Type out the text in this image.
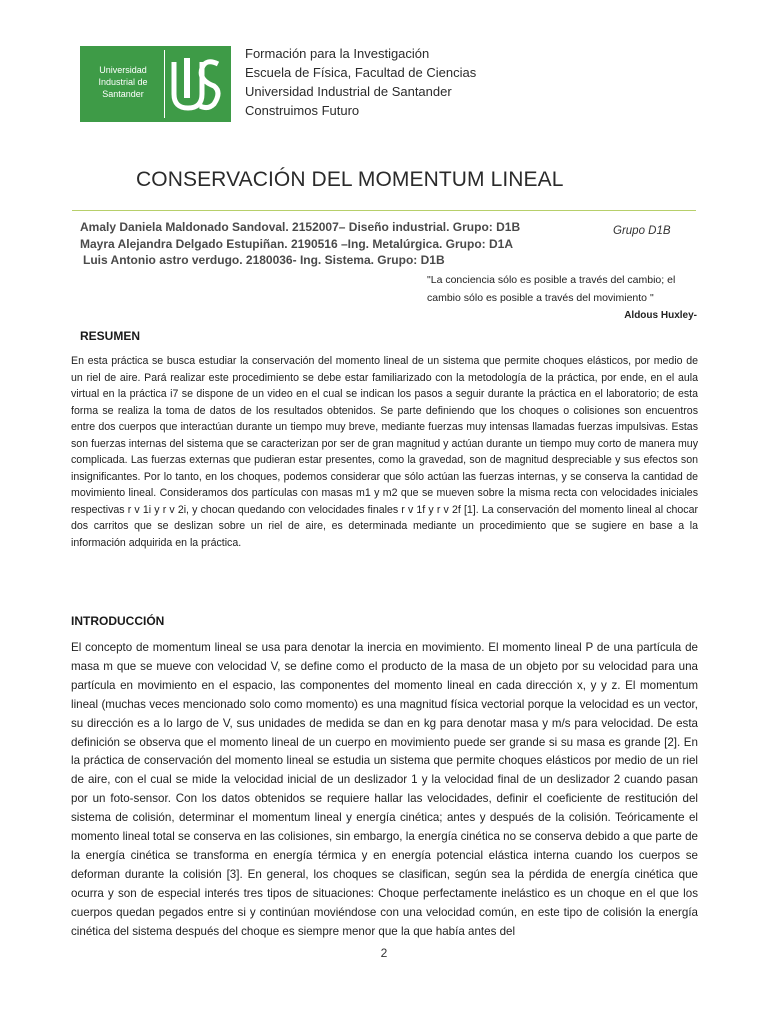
Universidad
Industrial de
Santander
Formación para la Investigación
Escuela de Física, Facultad de Ciencias
Universidad Industrial de Santander
Construimos Futuro
CONSERVACIÓN DEL MOMENTUM LINEAL
Amaly Daniela Maldonado Sandoval. 2152007– Diseño industrial. Grupo: D1B
Mayra Alejandra Delgado Estupiñan. 2190516 –Ing. Metalúrgica. Grupo: D1A
Luis Antonio astro verdugo. 2180036- Ing. Sistema. Grupo: D1B
Grupo D1B
"La conciencia sólo es posible a través del cambio; el cambio sólo es posible a través del movimiento "
Aldous Huxley-
RESUMEN
En esta práctica se busca estudiar la conservación del momento lineal de un sistema que permite choques elásticos, por medio de un riel de aire. Pará realizar este procedimiento se debe estar familiarizado con la metodología de la práctica, por ende, en el aula virtual en la práctica i7 se dispone de un video en el cual se indican los pasos a seguir durante la práctica en el laboratorio; de esta forma se realiza la toma de datos de los resultados obtenidos. Se parte definiendo que los choques o colisiones son encuentros entre dos cuerpos que interactúan durante un tiempo muy breve, mediante fuerzas muy intensas llamadas fuerzas impulsivas. Estas son fuerzas internas del sistema que se caracterizan por ser de gran magnitud y actúan durante un tiempo muy corto de manera muy complicada. Las fuerzas externas que pudieran estar presentes, como la gravedad, son de magnitud despreciable y sus efectos son insignificantes. Por lo tanto, en los choques, podemos considerar que sólo actúan las fuerzas internas, y se conserva la cantidad de movimiento lineal. Consideramos dos partículas con masas m1 y m2 que se mueven sobre la misma recta con velocidades iniciales respectivas r v 1i y r v 2i, y chocan quedando con velocidades finales r v 1f y r v 2f [1]. La conservación del momento lineal al chocar dos carritos que se deslizan sobre un riel de aire, es determinada mediante un procedimiento que se sugiere en base a la información adquirida en la práctica.
INTRODUCCIÓN
El concepto de momentum lineal se usa para denotar la inercia en movimiento. El momento lineal P de una partícula de masa m que se mueve con velocidad V, se define como el producto de la masa de un objeto por su velocidad para una partícula en movimiento en el espacio, las componentes del momento lineal en cada dirección x, y y z. El momentum lineal (muchas veces mencionado solo como momento) es una magnitud física vectorial porque la velocidad es un vector, su dirección es a lo largo de V, sus unidades de medida se dan en kg para denotar masa y m/s para velocidad. De esta definición se observa que el momento lineal de un cuerpo en movimiento puede ser grande si su masa es grande [2]. En la práctica de conservación del momento lineal se estudia un sistema que permite choques elásticos por medio de un riel de aire, con el cual se mide la velocidad inicial de un deslizador 1 y la velocidad final de un deslizador 2 cuando pasan por un foto-sensor. Con los datos obtenidos se requiere hallar las velocidades, definir el coeficiente de restitución del sistema de colisión, determinar el momentum lineal y energía cinética; antes y después de la colisión. Teóricamente el momento lineal total se conserva en las colisiones, sin embargo, la energía cinética no se conserva debido a que parte de la energía cinética se transforma en energía térmica y en energía potencial elástica interna cuando los cuerpos se deforman durante la colisión [3]. En general, los choques se clasifican, según sea la pérdida de energía cinética que ocurra y son de especial interés tres tipos de situaciones: Choque perfectamente inelástico es un choque en el que los cuerpos quedan pegados entre si y continúan moviéndose con una velocidad común, en este tipo de colisión la energía cinética del sistema después del choque es siempre menor que la que había antes del
2
